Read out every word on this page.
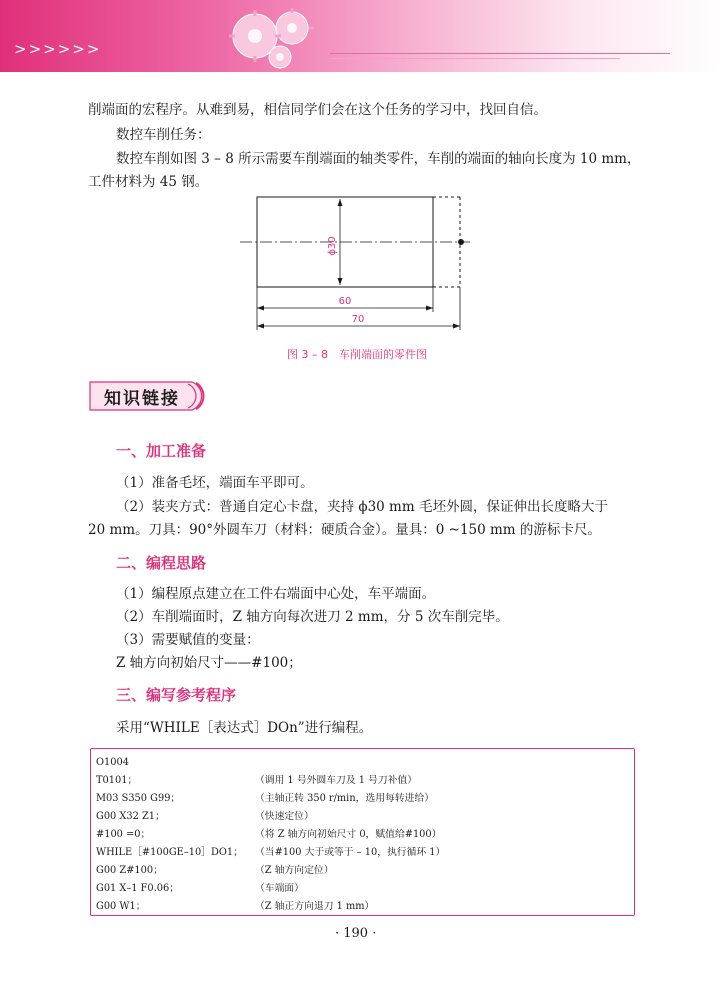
>>>>>>
削端面的宏程序。从难到易，相信同学们会在这个任务的学习中，找回自信。
数控车削任务：
数控车削如图 3 – 8 所示需要车削端面的轴类零件，车削的端面的轴向长度为 10 mm，
工件材料为 45 钢。
ϕ30
60
70
图 3 – 8　车削端面的零件图
知识链接
一、加工准备
（1）准备毛坯，端面车平即可。
（2）装夹方式：普通自定心卡盘，夹持 ϕ30 mm 毛坯外圆，保证伸出长度略大于
20 mm。刀具：90°外圆车刀（材料：硬质合金）。量具：0 ~150 mm 的游标卡尺。
二、编程思路
（1）编程原点建立在工件右端面中心处，车平端面。
（2）车削端面时，Z 轴方向每次进刀 2 mm，分 5 次车削完毕。
（3）需要赋值的变量：
Z 轴方向初始尺寸——#100；
三、编写参考程序
采用“WHILE［表达式］DOn”进行编程。
O1004
T0101；	（调用 1 号外圆车刀及 1 号刀补值）
M03 S350 G99；	（主轴正转 350 r/min，选用每转进给）
G00 X32 Z1；	（快速定位）
#100 =0；	（将 Z 轴方向初始尺寸 0，赋值给#100）
WHILE［#100GE–10］DO1； （当#100 大于或等于 – 10，执行循环 1）
G00 Z#100；	（Z 轴方向定位）
G01 X–1 F0.06；	（车端面）
G00 W1；	（Z 轴正方向退刀 1 mm）
· 190 ·
